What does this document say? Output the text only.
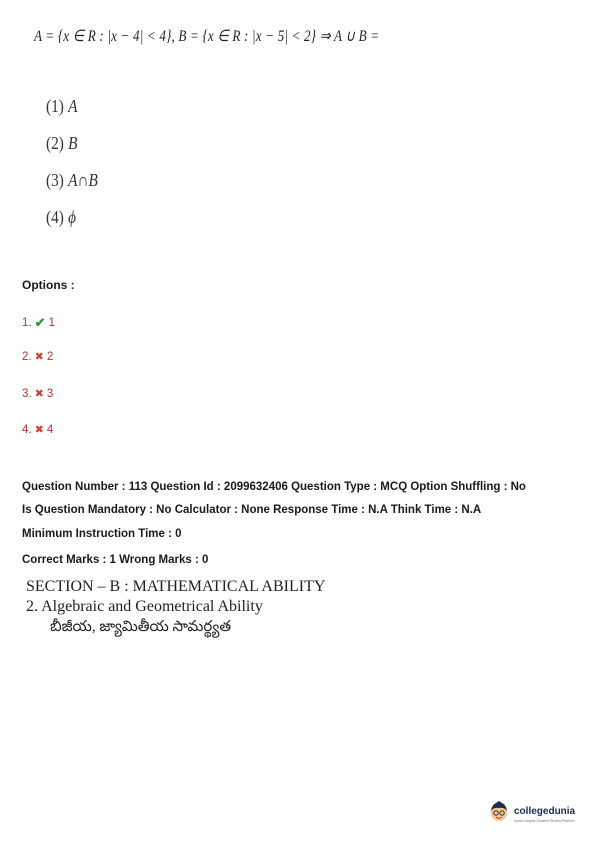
A = {x ∈ R : |x − 4| < 4}, B = {x ∈ R : |x − 5| < 2} ⇒ A ∪ B =
(1) A
(2) B
(3) A∩B
(4) ϕ
Options :
1. ✔ 1
2. ✖ 2
3. ✖ 3
4. ✖ 4
Question Number : 113 Question Id : 2099632406 Question Type : MCQ Option Shuffling : No
Is Question Mandatory : No Calculator : None Response Time : N.A Think Time : N.A
Minimum Instruction Time : 0
Correct Marks : 1 Wrong Marks : 0
SECTION – B : MATHEMATICAL ABILITY
2. Algebraic and Geometrical Ability
బీజీయ, జ్యామితీయ సామర్థ్యత
collegedunia
India's largest Student Review Platform
